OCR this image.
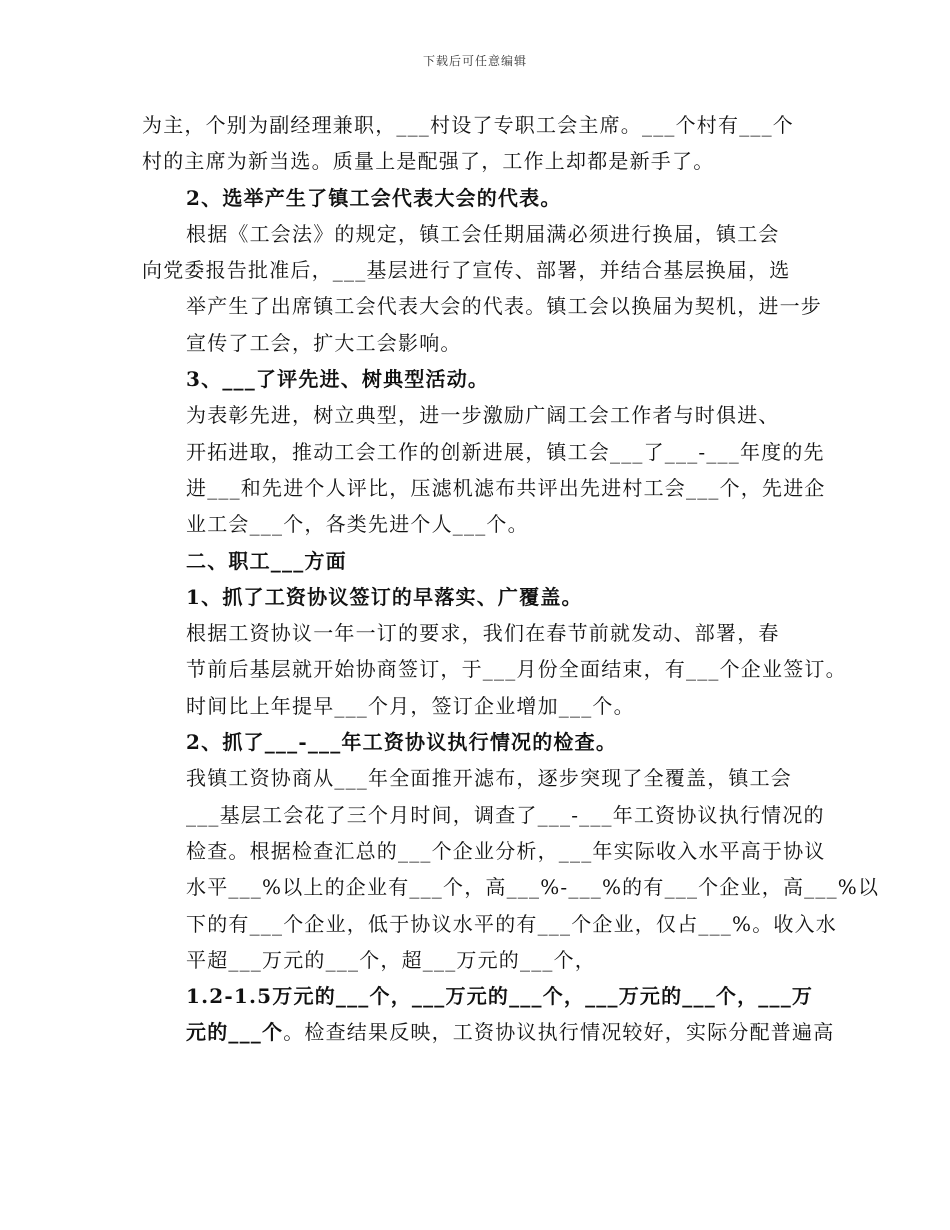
下载后可任意编辑

为主，个别为副经理兼职，___村设了专职工会主席。___个村有___个
村的主席为新当选。质量上是配强了，工作上却都是新手了。

2、选举产生了镇工会代表大会的代表。

根据《工会法》的规定，镇工会任期届满必须进行换届，镇工会
向党委报告批准后，___基层进行了宣传、部署，并结合基层换届，选
举产生了出席镇工会代表大会的代表。镇工会以换届为契机，进一步
宣传了工会，扩大工会影响。

3、___了评先进、树典型活动。

为表彰先进，树立典型，进一步激励广阔工会工作者与时俱进、
开拓进取，推动工会工作的创新进展，镇工会___了___-___年度的先
进___和先进个人评比，压滤机滤布共评出先进村工会___个，先进企
业工会___个，各类先进个人___个。

二、职工___方面

1、抓了工资协议签订的早落实、广覆盖。

根据工资协议一年一订的要求，我们在春节前就发动、部署，春
节前后基层就开始协商签订，于___月份全面结束，有___个企业签订。
时间比上年提早___个月，签订企业增加___个。

2、抓了___-___年工资协议执行情况的检查。

我镇工资协商从___年全面推开滤布，逐步突现了全覆盖，镇工会
___基层工会花了三个月时间，调查了___-___年工资协议执行情况的
检查。根据检查汇总的___个企业分析，___年实际收入水平高于协议
水平___%以上的企业有___个，高___%-___%的有___个企业，高___%以
下的有___个企业，低于协议水平的有___个企业，仅占___%。收入水
平超___万元的___个，超___万元的___个，

1.2-1.5万元的___个，___万元的___个，___万元的___个，___万
元的___个。检查结果反映，工资协议执行情况较好，实际分配普遍高
